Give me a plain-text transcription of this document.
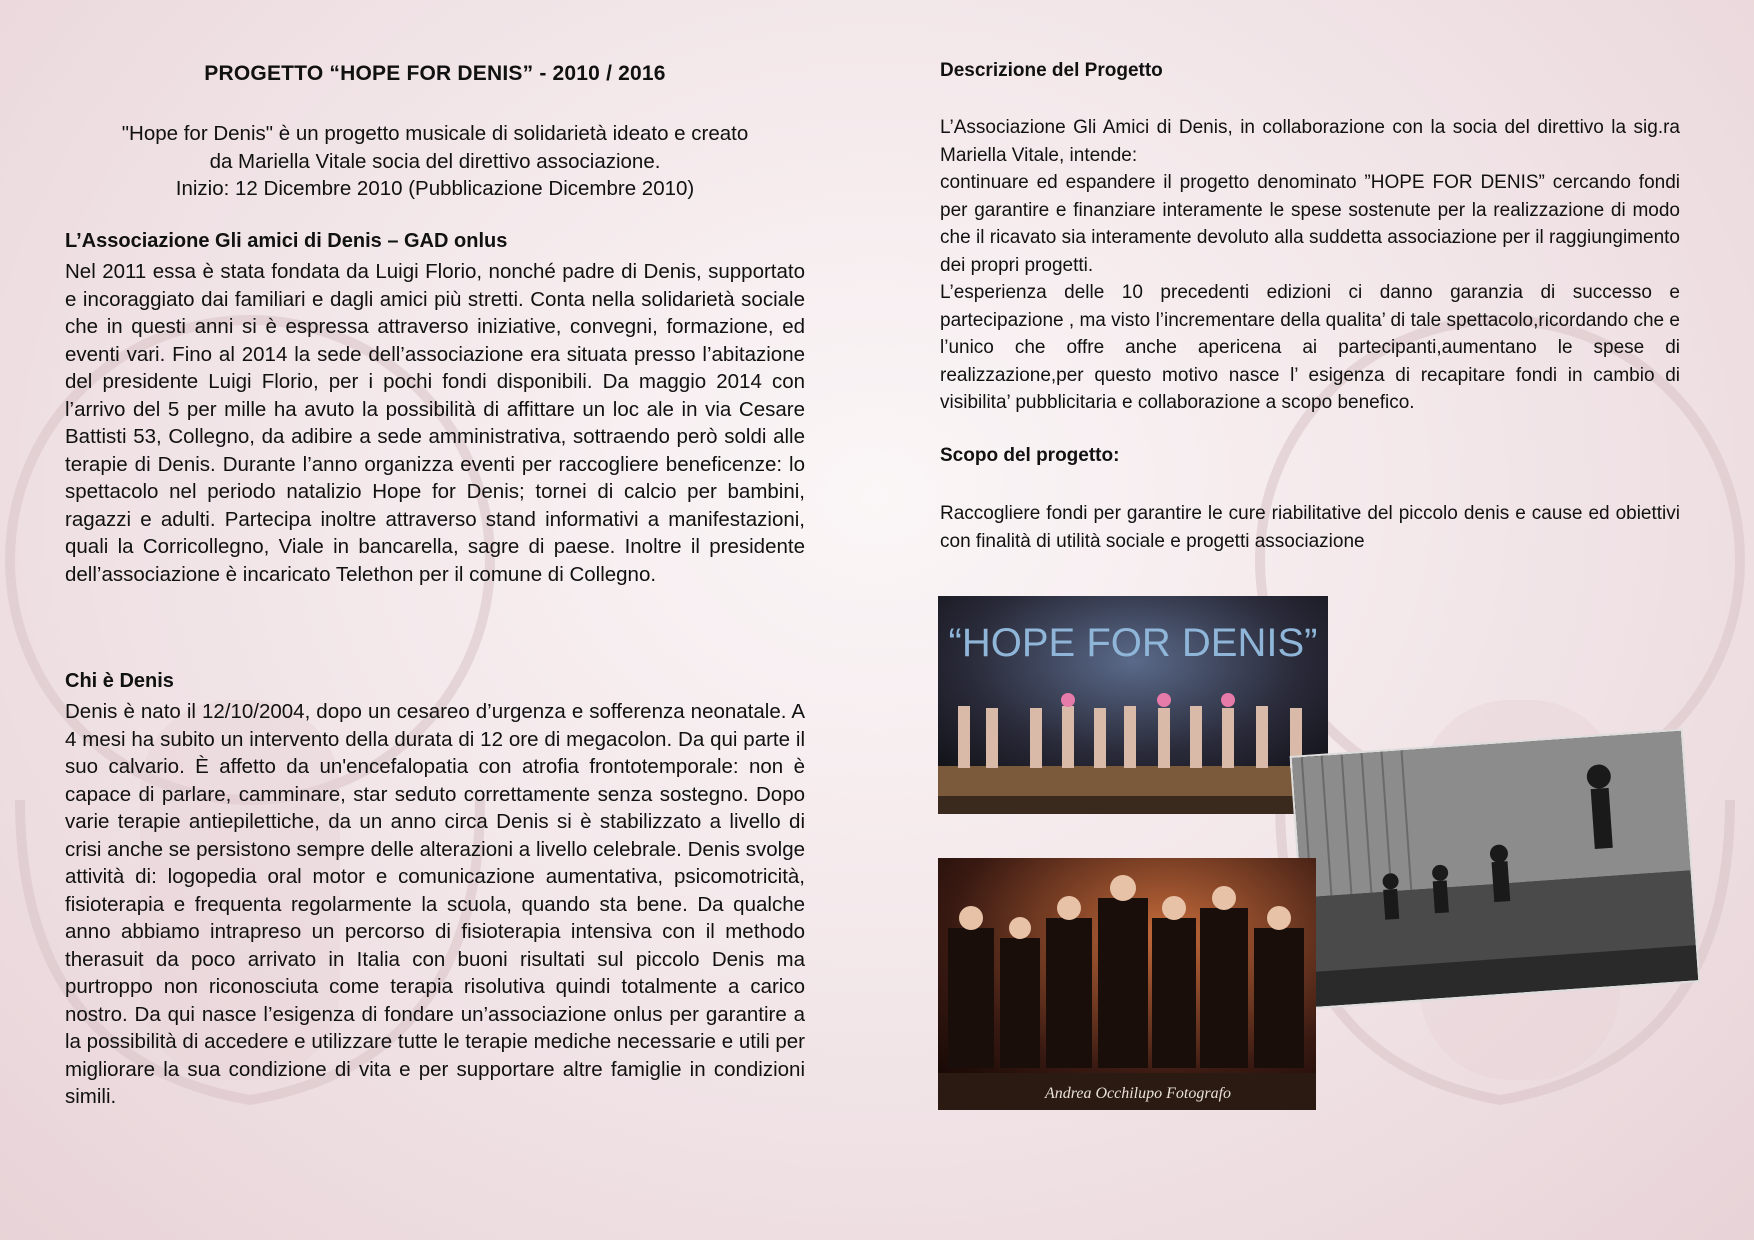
PROGETTO “HOPE FOR DENIS” - 2010 / 2016
"Hope for Denis" è un progetto musicale di solidarietà ideato e creato
da Mariella Vitale socia del direttivo associazione.
Inizio: 12 Dicembre 2010 (Pubblicazione Dicembre 2010)
L’Associazione Gli amici di Denis – GAD onlus
Nel 2011 essa è stata fondata da Luigi Florio, nonché padre di Denis, supportato e incoraggiato dai familiari e dagli amici più stretti. Conta nella solidarietà sociale che in questi anni si è espressa attraverso iniziative, convegni, formazione, ed eventi vari. Fino al 2014 la sede dell’associazione era situata presso l’abitazione del presidente Luigi Florio, per i pochi fondi disponibili. Da maggio 2014 con l’arrivo del 5 per mille ha avuto la possibilità di affittare un loc ale in via Cesare Battisti 53, Collegno, da adibire a sede amministrativa, sottraendo però soldi alle terapie di Denis. Durante l’anno organizza eventi per raccogliere beneficenze: lo spettacolo nel periodo natalizio Hope for Denis; tornei di calcio per bambini, ragazzi e adulti. Partecipa inoltre attraverso stand informativi a manifestazioni, quali la Corricollegno, Viale in bancarella, sagre di paese. Inoltre il presidente dell’associazione è incaricato Telethon per il comune di Collegno.
Chi è Denis
Denis è nato il 12/10/2004, dopo un cesareo d’urgenza e sofferenza neonatale. A 4 mesi ha subito un intervento della durata di 12 ore di megacolon. Da qui parte il suo calvario. È affetto da un'encefalopatia con atrofia frontotemporale: non è capace di parlare, camminare, star seduto correttamente senza sostegno. Dopo varie terapie antiepilettiche, da un anno circa Denis si è stabilizzato a livello di crisi anche se persistono sempre delle alterazioni a livello celebrale. Denis svolge attività di: logopedia oral motor e comunicazione aumentativa, psicomotricità, fisioterapia e frequenta regolarmente la scuola, quando sta bene. Da qualche anno abbiamo intrapreso un percorso di fisioterapia intensiva con il methodo therasuit da poco arrivato in Italia con buoni risultati sul piccolo Denis ma purtroppo non riconosciuta come terapia risolutiva quindi totalmente a carico nostro. Da qui nasce l’esigenza di fondare un’associazione onlus per garantire a la possibilità di accedere e utilizzare tutte le terapie mediche necessarie e utili per migliorare la sua condizione di vita e per supportare altre famiglie in condizioni simili.
Descrizione del Progetto
L’Associazione Gli Amici di Denis, in collaborazione con la socia del direttivo la sig.ra Mariella Vitale, intende:
continuare ed espandere il progetto denominato ”HOPE FOR DENIS” cercando fondi per garantire e finanziare interamente le spese sostenute per la realizzazione di modo che il ricavato sia interamente devoluto alla suddetta associazione per il raggiungimento dei propri progetti.
L’esperienza delle 10 precedenti edizioni ci danno garanzia di successo e partecipazione , ma visto l’incrementare della qualita’ di tale spettacolo,ricordando che e l’unico che offre anche apericena ai partecipanti,aumentano le spese di realizzazione,per questo motivo nasce l’ esigenza di recapitare fondi in cambio di visibilita’ pubblicitaria e collaborazione a scopo benefico.
Scopo del progetto:
Raccogliere fondi per garantire le cure riabilitative del piccolo denis e cause ed obiettivi con finalità di utilità sociale e progetti associazione
“HOPE FOR DENIS”
Andrea Occhilupo Fotografo
